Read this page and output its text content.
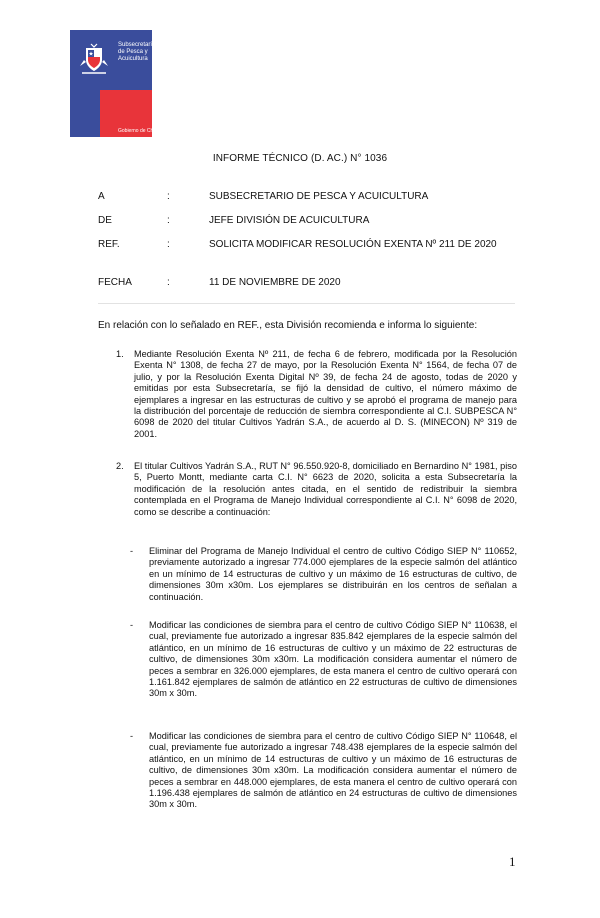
Subsecretaría
de Pesca y
Acuicultura
Gobierno de Chile
INFORME TÉCNICO (D. AC.) N° 1036
A	:	SUBSECRETARIO DE PESCA Y ACUICULTURA
DE	:	JEFE DIVISIÓN DE ACUICULTURA
REF.	:	SOLICITA MODIFICAR RESOLUCIÓN EXENTA Nº 211 DE 2020
FECHA	:	11 DE NOVIEMBRE DE 2020
En relación con lo señalado en REF., esta División recomienda e informa lo siguiente:
1. Mediante Resolución Exenta Nº 211, de fecha 6 de febrero, modificada por la Resolución Exenta N° 1308, de fecha 27 de mayo, por la Resolución Exenta N° 1564, de fecha 07 de julio, y por la Resolución Exenta Digital Nº 39, de fecha 24 de agosto, todas de 2020 y emitidas por esta Subsecretaría, se fijó la densidad de cultivo, el número máximo de ejemplares a ingresar en las estructuras de cultivo y se aprobó el programa de manejo para la distribución del porcentaje de reducción de siembra correspondiente al C.I. SUBPESCA N° 6098 de 2020 del titular Cultivos Yadrán S.A., de acuerdo al D. S. (MINECON) Nº 319 de 2001.
2. El titular Cultivos Yadrán S.A., RUT N° 96.550.920-8, domiciliado en Bernardino N° 1981, piso 5, Puerto Montt, mediante carta C.I. N° 6623 de 2020, solicita a esta Subsecretaría la modificación de la resolución antes citada, en el sentido de redistribuir la siembra contemplada en el Programa de Manejo Individual correspondiente al C.I. N° 6098 de 2020, como se describe a continuación:
- Eliminar del Programa de Manejo Individual el centro de cultivo Código SIEP N° 110652, previamente autorizado a ingresar 774.000 ejemplares de la especie salmón del atlántico en un mínimo de 14 estructuras de cultivo y un máximo de 16 estructuras de cultivo, de dimensiones 30m x30m. Los ejemplares se distribuirán en los centros de señalan a continuación.
- Modificar las condiciones de siembra para el centro de cultivo Código SIEP N° 110638, el cual, previamente fue autorizado a ingresar 835.842 ejemplares de la especie salmón del atlántico, en un mínimo de 16 estructuras de cultivo y un máximo de 22 estructuras de cultivo, de dimensiones 30m x30m. La modificación considera aumentar el número de peces a sembrar en 326.000 ejemplares, de esta manera el centro de cultivo operará con 1.161.842 ejemplares de salmón de atlántico en 22 estructuras de cultivo de dimensiones 30m x 30m.
- Modificar las condiciones de siembra para el centro de cultivo Código SIEP N° 110648, el cual, previamente fue autorizado a ingresar 748.438 ejemplares de la especie salmón del atlántico, en un mínimo de 14 estructuras de cultivo y un máximo de 16 estructuras de cultivo, de dimensiones 30m x30m. La modificación considera aumentar el número de peces a sembrar en 448.000 ejemplares, de esta manera el centro de cultivo operará con 1.196.438 ejemplares de salmón de atlántico en 24 estructuras de cultivo de dimensiones 30m x 30m.
1
